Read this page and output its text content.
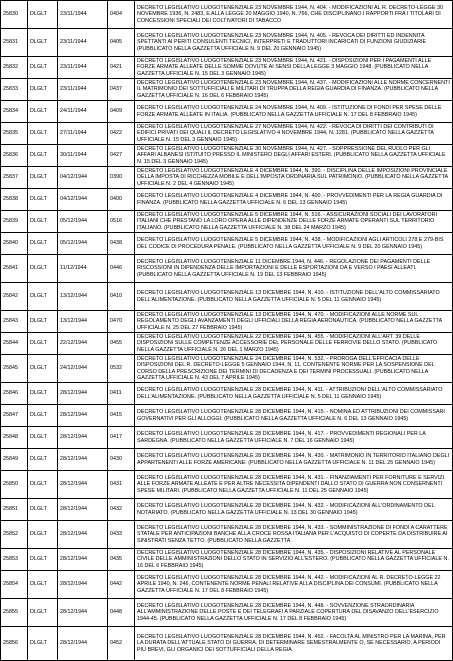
25830	DLGLT	23/11/1944	0404	DECRETO LEGISLATIVO LUOGOTENENZIALE 23 NOVEMBRE 1944, N. 404. - MODIFICAZIONI AL R. DECRETO-LEGGE 30 NOVEMBRE 1936, N. 2483, E ALLA LEGGE 20 MAGGIO 1940, N. 766, CHE DISCIPLINANO I RAPPORTI FRA I TITOLARI DI CONCESSIONI SPECIALI DEI COLTIVATORI DI TABACCO
25831	DLGLT	23/11/1944	0405	DECRETO LEGISLATIVO LUOGOTENENZIALE 23 NOVEMBRE 1944, N. 405. - REVOCA DEI DIRITTI ED INDENNITA SPETTANTI AI PERITI CONSULENTI TECNICI, INTERPRETI E TRADUTTORI INCARICATI DI FUNZIONI GIUDIZIARIE (PUBBLICATO NELLA GAZZETTA UFFICIALE N. 9 DEL 20 GENNAIO 1945)
25832	DLGLT	23/11/1944	0421	DECRETO LEGISLATIVO LUOGOTENENZIALE 23 NOVEMBRE 1944, N. 421. - DISPOSIZIONI PER I PAGAMENTI ALLE FORZE ARMATE ALLEATE DELLE SOMME DOVUTE AI SENSI DELLA LEGGE 3 MAGGIO 1948. (PUBBLICATO NELLA GAZZETTA UFFICIALE N. 15 DEL 3 GENNAIO 1945)
25833	DLGLT	23/11/1944	0437	DECRETO LEGISLATIVO LUOGOTENENZIALE 23 NOVEMBRE 1944, N. 437. - MODIFICAZIONI ALLE NORME CONCERNENTI IL MATRIMONIO DEI SOTTUFFICIALI E MILITARI DI TRUPPA DELLA REGIA GUARDIA DI FINANZA. (PUBBLICATO NELLA GAZZETTA UFFICIALE N. 16 DEL 6 FEBBRAIO 1945)
25834	DLGLT	24/11/1944	0409	DECRETO LEGISLATIVO LUOGOTENENZIALE 24 NOVEMBRE 1944, N. 409. - ISTITUZIONE DI FONDI PER SPESE DELLE FORZE ARMATE ALLEATE IN ITALIA. (PUBBLICATO NELLA GAZZETTA UFFICIALE N. 17 DEL 8 FEBBRAIO 1945)
25835	DLGLT	27/11/1944	0422	DECRETO LEGISLATIVO LUOGOTENENZIALE 27 NOVEMBRE 1944, N. 422. - REVOCA DI DIRITTI DEI CONTRIBUTI DI EDIFICI PRIVATI DEI QUALI IL DECRETO LEGISLATIVO 4 NOVEMBRE 1944, N. 1281. (PUBBLICATO NELLA GAZZETTA UFFICIALE N. 15 DEL 3 GENNAIO 1945)
25836	DLGLT	30/11/1944	0427	DECRETO LEGISLATIVO LUOGOTENENZIALE 30 NOVEMBRE 1944, N. 427. - SOPPRESSIONE DEL RUOLO PER GLI AFFARI ALBANESI ISTITUITO PRESSO IL MINISTERO DEGLI AFFARI ESTERI. (PUBBLICATO NELLA GAZZETTA UFFICIALE N. 15 DEL 3 GENNAIO 1945)
25837	DLGLT	04/12/1944	0390	DECRETO LEGISLATIVO LUOGOTENENZIALE 4 DICEMBRE 1944, N. 390. - DISCIPLINA DELLE IMPOSIZIONI PROVINCIALE DELLA IMPOSTA DI RICCHEZZA MOBILE E DELL'IMPOSTA ORDINARIA SUL PATRIMONIO. (PUBBLICATO NELLA GAZZETTA UFFICIALE N. 2 DEL 4 GENNAIO 1945)
25838	DLGLT	04/12/1944	0400	DECRETO LEGISLATIVO LUOGOTENENZIALE 4 DICEMBRE 1944, N. 400. - PROVVEDIMENTI PER LA REGIA GUARDIA DI FINANZA. (PUBBLICATO NELLA GAZZETTA UFFICIALE N. 6 DEL 13 GENNAIO 1945)
25839	DLGLT	05/12/1944	0516	DECRETO LEGISLATIVO LUOGOTENENZIALE 5 DICEMBRE 1944, N. 516. - ASSICURAZIONI SOCIALI DEI LAVORATORI ITALIANI CHE PRESTANO LA LORO OPERA ALLE DIPENDENZE DELLE FORZE ARMATE OPERANTI SUL TERRITORIO ITALIANO. (PUBBLICATO NELLA GAZZETTA UFFICIALE N. 38 DEL 24 MARZO 1945)
25840	DLGLT	05/12/1944	0438	DECRETO LEGISLATIVO LUOGOTENENZIALE 5 DICEMBRE 1944, N. 438. - MODIFICAZIONI AGLI ARTICOLI 278 E 279-BIS DEL CODICE DI PROCEDURA PENALE. (PUBBLICATO NELLA GAZZETTA UFFICIALE N. 9 DEL 20 GENNAIO 1945)
25841	DLGLT	11/12/1944	0446	DECRETO LEGISLATIVO LUOGOTENENZIALE 11 DICEMBRE 1944, N. 446. - REGOLAZIONE DEI PAGAMENTI DELLE RISCOSSIONI IN DIPENDENZA DELLE IMPORTAZIONI E DELLE ESPORTAZIONI DA E VERSO I PAESI ALLEATI. (PUBBLICATO NELLA GAZZETTA UFFICIALE N. 19 DEL 13 FEBBRAIO 1945)
25842	DLGLT	13/12/1944	0410	DECRETO LEGISLATIVO LUOGOTENENZIALE 13 DICEMBRE 1944, N. 410. - ISTITUZIONE DELL'ALTO COMMISSARIATO DELL'ALIMENTAZIONE. (PUBBLICATO NELLA GAZZETTA UFFICIALE N. 5 DEL 11 GENNAIO 1945)
25843	DLGLT	13/12/1944	0470	DECRETO LEGISLATIVO LUOGOTENENZIALE 13 DICEMBRE 1944, N. 470. - MODIFICAZIONI ALLE NORME SUL REGOLAMENTO DEGLI AVANZAMENTI DEGLI UFFICIALI DELLA REGIA AERONAUTICA. (PUBBLICATO NELLA GAZZETTA UFFICIALE N. 25 DEL 27 FEBBRAIO 1945)
25844	DLGLT	22/12/1944	0455	DECRETO LEGISLATIVO LUOGOTENENZIALE 22 DICEMBRE 1944, N. 455. - MODIFICAZIONI ALL'ART. 39 DELLE DISPOSIZIONI SULLE COMPETENZE ACCESSORIE DEL PERSONALE DELLE FERROVIE DELLO STATO. (PUBBLICATO NELLA GAZZETTA UFFICIALE N. 26 DEL 1 MARZO 1945)
25845	DLGLT	24/12/1944	0532	DECRETO LEGISLATIVO LUOGOTENENZIALE 24 DICEMBRE 1944, N. 532. - PROROGA DELL'EFFICACIA DELLE DISPOSIZIONI DEL R. DECRETO-LEGGE 5 GENNAIO 1944, N. 11, CONTENENTE NORME PER LA SOSPENSIONE DEL CORSO DELLA PRESCRIZIONE DEI TERMINI DI DECADENZA E DEI TERMINI PROCESSUALI. (PUBBLICATO NELLA GAZZETTA UFFICIALE N. 43 DEL 7 APRILE 1945)
25846	DLGLT	28/12/1944	0411	DECRETO LEGISLATIVO LUOGOTENENZIALE 28 DICEMBRE 1944, N. 411. - ATTRIBUZIONI DELL'ALTO COMMISSARIATO DELL'ALIMENTAZIONE. (PUBBLICATO NELLA GAZZETTA UFFICIALE N. 5 DEL 11 GENNAIO 1945)
25847	DLGLT	28/12/1944	0415	DECRETO LEGISLATIVO LUOGOTENENZIALE 28 DICEMBRE 1944, N. 415. - NOMINA ED ATTRIBUZIONI DEI COMMISSARI GOVERNATIVI PER GLI ALLOGGI. (PUBBLICATO NELLA GAZZETTA UFFICIALE N. 6 DEL 13 GENNAIO 1945)
25848	DLGLT	28/12/1944	0417	DECRETO LEGISLATIVO LUOGOTENENZIALE 28 DICEMBRE 1944, N. 417. - PROVVEDIMENTI REGIONALI PER LA SARDEGNA. (PUBBLICATO NELLA GAZZETTA UFFICIALE N. 7 DEL 16 GENNAIO 1945)
25849	DLGLT	28/12/1944	0430	DECRETO LEGISLATIVO LUOGOTENENZIALE 28 DICEMBRE 1944, N. 430. - MATRIMONIO IN TERRITORIO ITALIANO DEGLI APPARTENENTI ALLE FORZE AMERICANE. (PUBBLICATO NELLA GAZZETTA UFFICIALE N. 11 DEL 25 GENNAIO 1945)
25850	DLGLT	28/12/1944	0431	DECRETO LEGISLATIVO LUOGOTENENZIALE 28 DICEMBRE 1944, N. 431. - FINANZIAMENTI PER FORNITURE E SERVIZI ALLE FORZE ARMATE ALLEATE E PER ALTRE NECESSITA DIPENDENTI DALLO STATO DI GUERRA NON CONSERNENTI SPESE MILITARI. (PUBBLICATO NELLA GAZZETTA UFFICIALE N. 11 DEL 25 GENNAIO 1945)
25851	DLGLT	28/12/1944	0432	DECRETO LEGISLATIVO LUOGOTENENZIALE 28 DICEMBRE 1944, N. 432. - MODIFICAZIONI ALL'ORDINAMENTO DEL NOTARIATO. (PUBBLICATO NELLA GAZZETTA UFFICIALE N. 13 DEL 30 GENNAIO 1945)
25852	DLGLT	28/12/1944	0433	DECRETO LEGISLATIVO LUOGOTENENZIALE 28 DICEMBRE 1944, N. 433. - SOMMINISTRAZIONE DI FONDI A CARATTERE STATALE PER ANTICIPAZIONI BANCHE ALLA CROCE ROSSA ITALIANA PER L'ACQUISTO DI COPERTE DA DISTRIBUIRE AI SINISTRATI SENZA TETTO. (PUBBLICATO NELLA GAZZETTA
25853	DLGLT	28/12/1944	0435	DECRETO LEGISLATIVO LUOGOTENENZIALE 28 DICEMBRE 1944, N. 435. - DISPOSIZIONI RELATIVE AL PERSONALE CIVILE DELLE AMMINISTRAZIONI DELLO STATO IN SERVIZIO ALL'ESTERO. (PUBBLICATO NELLA GAZZETTA UFFICIALE N. 16 DEL 6 FEBBRAIO 1945)
25854	DLGLT	28/12/1944	0442	DECRETO LEGISLATIVO LUOGOTENENZIALE 28 DICEMBRE 1944, N. 442. - MODIFICAZIONI AL R. DECRETO-LEGGE 22 APRILE 1940, N. 246, CONTENENTE NORME PENALI RELATIVE ALLA DISCIPLINA DEI CONSUMI. (PUBBLICATO NELLA GAZZETTA UFFICIALE N. 17 DEL 8 FEBBRAIO 1945)
25855	DLGLT	28/12/1944	0448	DECRETO LEGISLATIVO LUOGOTENENZIALE 28 DICEMBRE 1944, N. 448. - SOVVENZIONE STRAORDINARIA ALL'AMMINISTRAZIONE DELLE POSTE E DEI TELEGRAFI A PARZIALE COPERTURA DEL DISAVANZO DELL'ESERCIZIO 1944-45. (PUBBLICATO NELLA GAZZETTA UFFICIALE N. 17 DEL 8 FEBBRAIO 1945)
25856	DLGLT	28/12/1944	0452	DECRETO LEGISLATIVO LUOGOTENENZIALE 28 DICEMBRE 1944, N. 452. - FACOLTA AL MINISTRO PER LA MARINA, PER LA DURATA DELL'ATTUALE STATO DI GUERRA, DI DETERMINARE SEMESTRALMENTE O, SE NECESSARIO, A PERIODI PIU BREVI, GLI ORGANICI DEI SOTTUFFICIALI DELLA REGIA
